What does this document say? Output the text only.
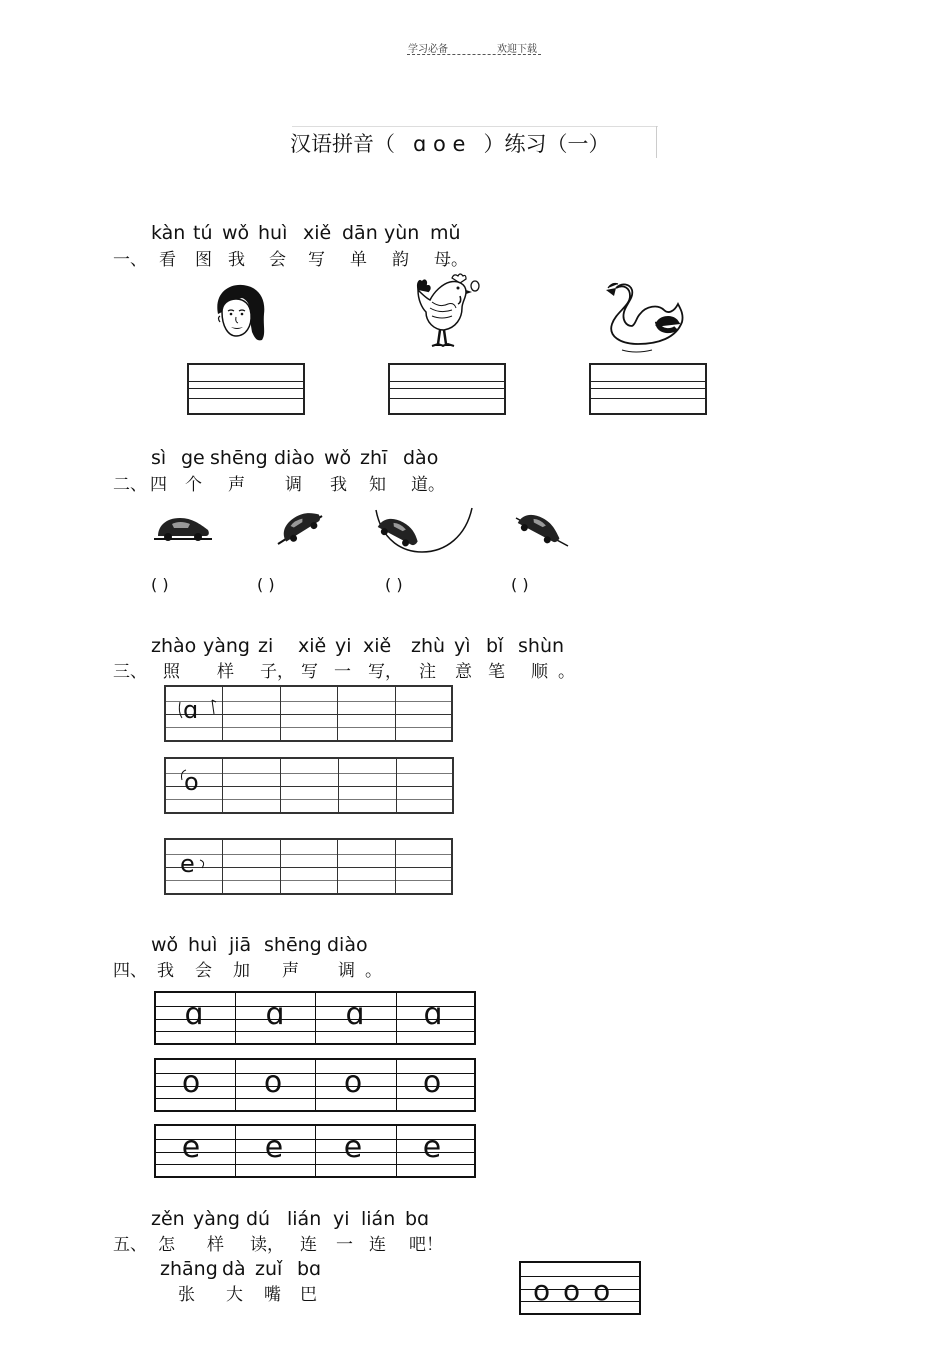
学习必备	欢迎下载
汉语拼音（ ɑ o e ）练习（一）
kàn tú wǒ huì xiě dān yùn mǔ
一、 看 图 我 会 写 单 韵 母。
sì ge shēng diào wǒ zhī dào
二、 四 个 声 调 我 知 道。
( )	( )	( )	( )
zhào yàng zi xiě yi xiě zhù yì bǐ shùn
三、 照 样 子， 写 一 写， 注 意 笔 顺 。
ɑ
o
e
wǒ huì jiā shēng diào
四、 我 会 加 声 调 。
ɑ	ɑ	ɑ	ɑ
o	o	o	o
e	e	e	e
zěn yàng dú lián yi lián bɑ
五、 怎 样 读， 连 一 连 吧！
zhāng dà zuǐ bɑ
张 大 嘴 巴	o o o
